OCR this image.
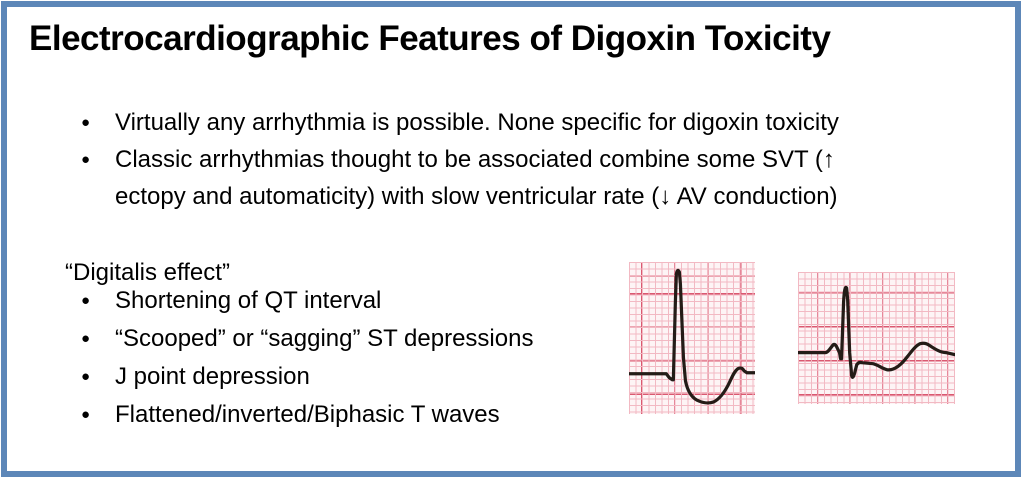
Electrocardiographic Features of Digoxin Toxicity
●	Virtually any arrhythmia is possible. None specific for digoxin toxicity
●	Classic arrhythmias thought to be associated combine some SVT (↑
ectopy and automaticity) with slow ventricular rate (↓ AV conduction)
“Digitalis effect”
●	Shortening of QT interval
●	“Scooped” or “sagging” ST depressions
●	J point depression
●	Flattened/inverted/Biphasic T waves
